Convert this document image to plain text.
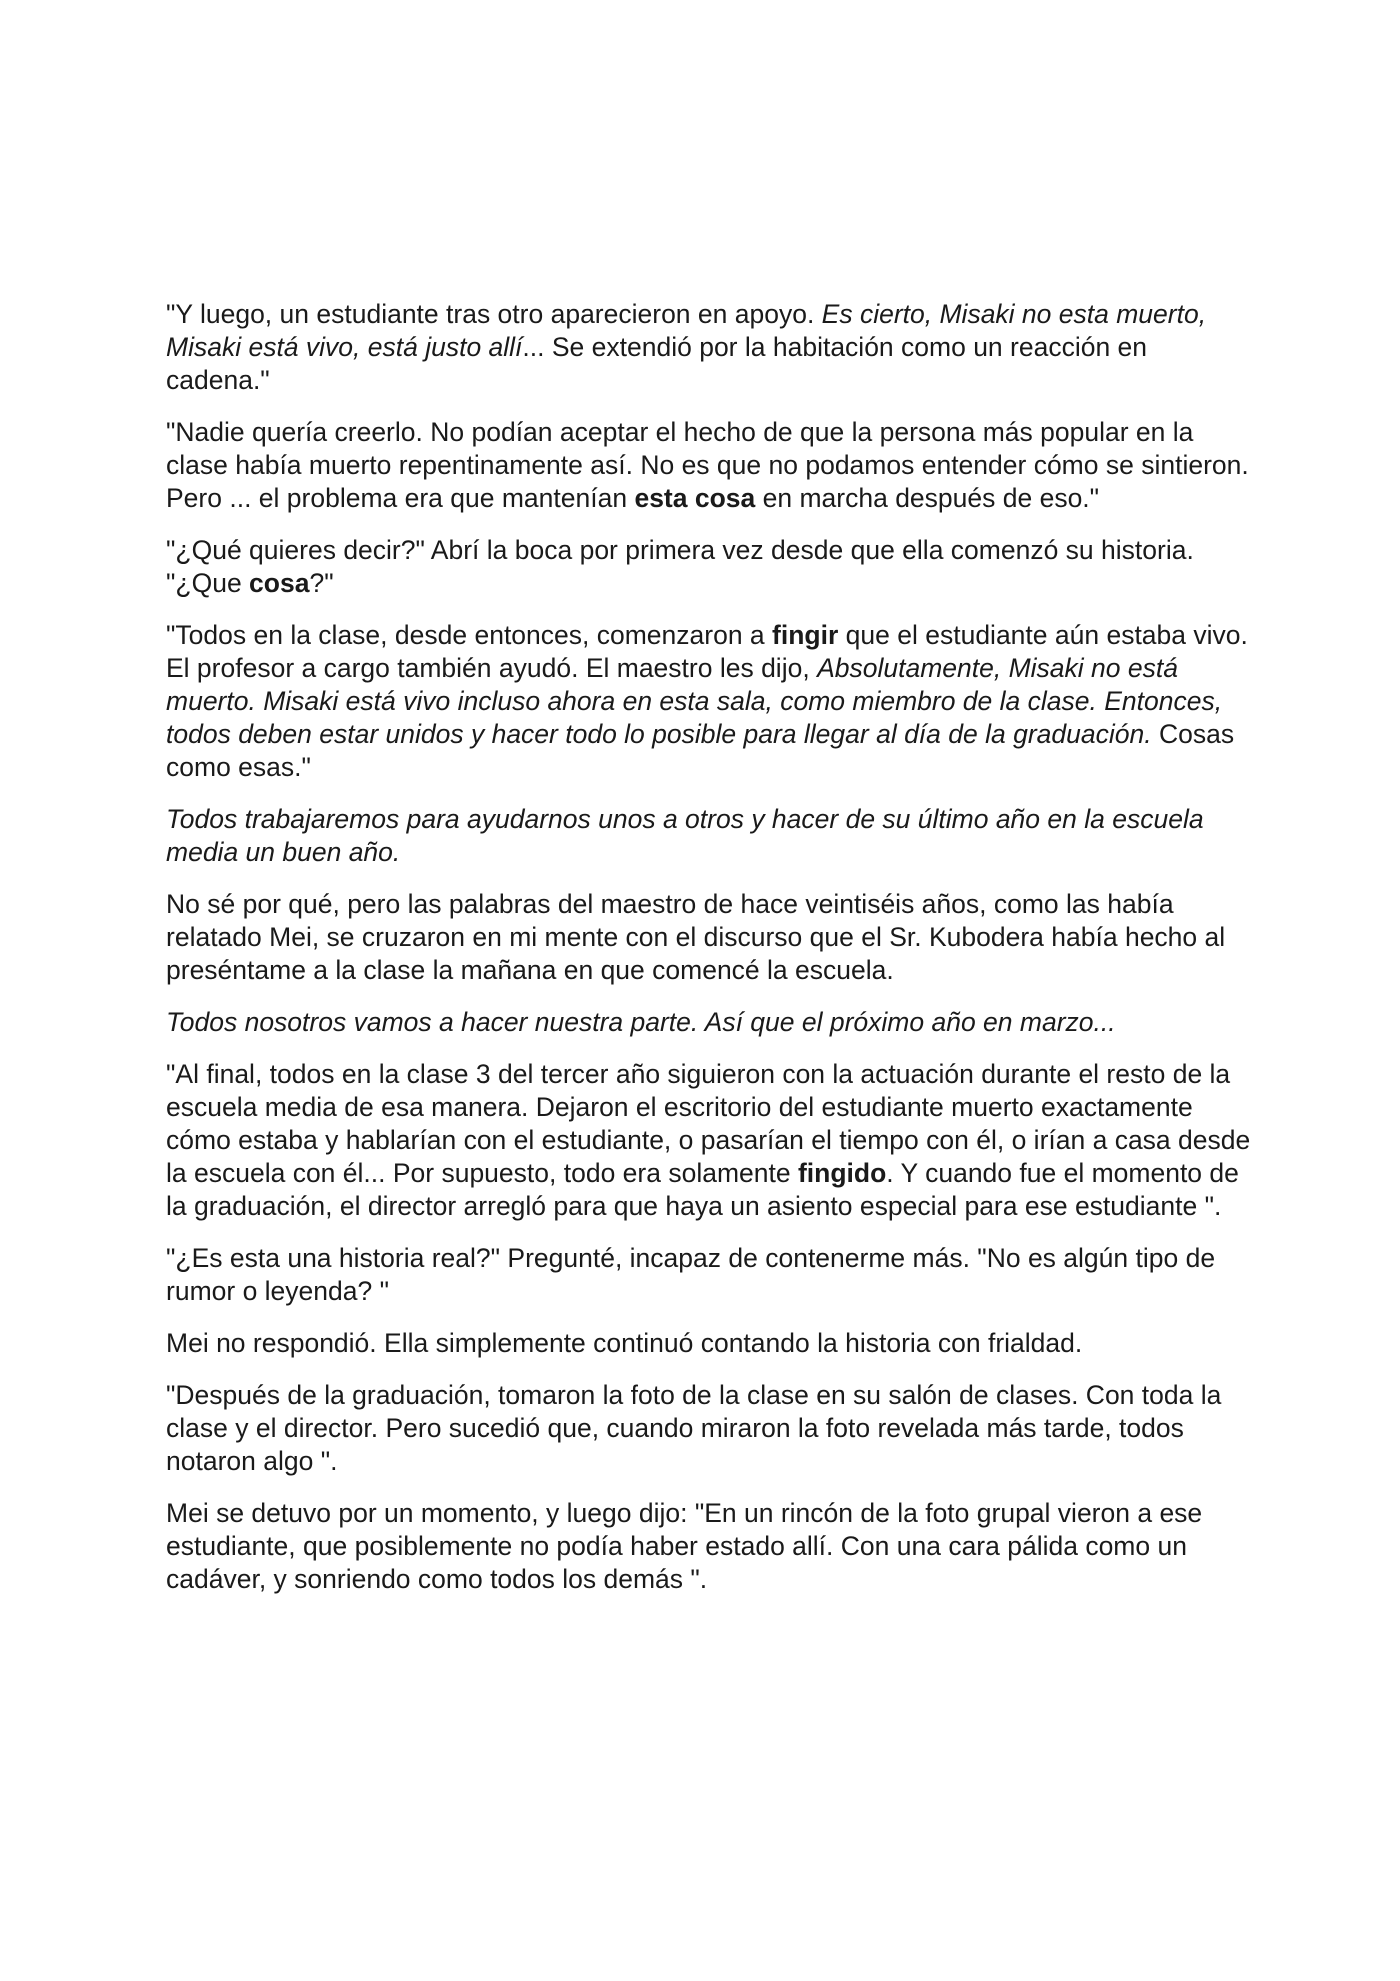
"Y luego, un estudiante tras otro aparecieron en apoyo. Es cierto, Misaki no esta muerto, Misaki está vivo, está justo allí... Se extendió por la habitación como un reacción en cadena."

"Nadie quería creerlo. No podían aceptar el hecho de que la persona más popular en la clase había muerto repentinamente así. No es que no podamos entender cómo se sintieron. Pero ... el problema era que mantenían esta cosa en marcha después de eso."

"¿Qué quieres decir?" Abrí la boca por primera vez desde que ella comenzó su historia. "¿Que cosa?"

"Todos en la clase, desde entonces, comenzaron a fingir que el estudiante aún estaba vivo. El profesor a cargo también ayudó. El maestro les dijo, Absolutamente, Misaki no está muerto. Misaki está vivo incluso ahora en esta sala, como miembro de la clase. Entonces, todos deben estar unidos y hacer todo lo posible para llegar al día de la graduación. Cosas como esas."

Todos trabajaremos para ayudarnos unos a otros y hacer de su último año en la escuela media un buen año.

No sé por qué, pero las palabras del maestro de hace veintiséis años, como las había relatado Mei, se cruzaron en mi mente con el discurso que el Sr. Kubodera había hecho al preséntame a la clase la mañana en que comencé la escuela.

Todos nosotros vamos a hacer nuestra parte. Así que el próximo año en marzo...

"Al final, todos en la clase 3 del tercer año siguieron con la actuación durante el resto de la escuela media de esa manera. Dejaron el escritorio del estudiante muerto exactamente cómo estaba y hablarían con el estudiante, o pasarían el tiempo con él, o irían a casa desde la escuela con él... Por supuesto, todo era solamente fingido. Y cuando fue el momento de la graduación, el director arregló para que haya un asiento especial para ese estudiante ".

"¿Es esta una historia real?" Pregunté, incapaz de contenerme más. "No es algún tipo de rumor o leyenda? "

Mei no respondió. Ella simplemente continuó contando la historia con frialdad.

"Después de la graduación, tomaron la foto de la clase en su salón de clases. Con toda la clase y el director. Pero sucedió que, cuando miraron la foto revelada más tarde, todos notaron algo ".

Mei se detuvo por un momento, y luego dijo: "En un rincón de la foto grupal vieron a ese estudiante, que posiblemente no podía haber estado allí. Con una cara pálida como un cadáver, y sonriendo como todos los demás ".
